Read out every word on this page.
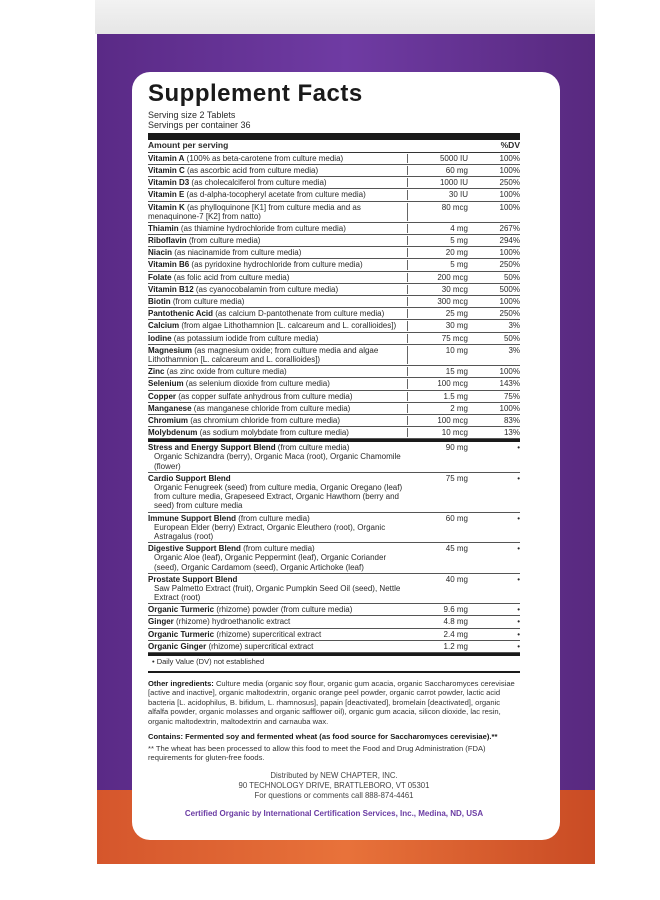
Supplement Facts
Serving size 2 Tablets
Servings per container 36
Amount per serving	%DV
Vitamin A (100% as beta-carotene from culture media)	5000 IU	100%
Vitamin C (as ascorbic acid from culture media)	60 mg	100%
Vitamin D3 (as cholecalciferol from culture media)	1000 IU	250%
Vitamin E (as d-alpha-tocopheryl acetate from culture media)	30 IU	100%
Vitamin K (as phylloquinone [K1] from culture media and as menaquinone-7 [K2] from natto)
80 mcg	100%
Thiamin (as thiamine hydrochloride from culture media)	4 mg	267%
Riboflavin (from culture media)	5 mg	294%
Niacin (as niacinamide from culture media)	20 mg	100%
Vitamin B6 (as pyridoxine hydrochloride from culture media)	5 mg	250%
Folate (as folic acid from culture media)	200 mcg	50%
Vitamin B12 (as cyanocobalamin from culture media)	30 mcg	500%
Biotin (from culture media)	300 mcg	100%
Pantothenic Acid (as calcium D-pantothenate from culture media)	25 mg	250%
Calcium (from algae Lithothamnion [L. calcareum and L. corallioides])	30 mg	3%
Iodine (as potassium iodide from culture media)	75 mcg	50%
Magnesium (as magnesium oxide; from culture media and algae Lithothamnion [L. calcareum and L. corallioides])
10 mg	3%
Zinc (as zinc oxide from culture media)	15 mg	100%
Selenium (as selenium dioxide from culture media)	100 mcg	143%
Copper (as copper sulfate anhydrous from culture media)	1.5 mg	75%
Manganese (as manganese chloride from culture media)	2 mg	100%
Chromium (as chromium chloride from culture media)	100 mcg	83%
Molybdenum (as sodium molybdate from culture media)	10 mcg	13%
Stress and Energy Support Blend (from culture media)
Organic Schizandra (berry), Organic Maca (root), Organic Chamomile (flower)
90 mg	•
Cardio Support Blend
Organic Fenugreek (seed) from culture media, Organic Oregano (leaf) from culture media, Grapeseed Extract, Organic Hawthorn (berry and seed) from culture media
75 mg	•
Immune Support Blend (from culture media)
European Elder (berry) Extract, Organic Eleuthero (root), Organic Astragalus (root)
60 mg	•
Digestive Support Blend (from culture media)
Organic Aloe (leaf), Organic Peppermint (leaf), Organic Coriander (seed), Organic Cardamom (seed), Organic Artichoke (leaf)
45 mg	•
Prostate Support Blend
Saw Palmetto Extract (fruit), Organic Pumpkin Seed Oil (seed), Nettle Extract (root)
40 mg	•
Organic Turmeric (rhizome) powder (from culture media)	9.6 mg	•
Ginger (rhizome) hydroethanolic extract	4.8 mg	•
Organic Turmeric (rhizome) supercritical extract	2.4 mg	•
Organic Ginger (rhizome) supercritical extract	1.2 mg	•
• Daily Value (DV) not established
Other ingredients: Culture media (organic soy flour, organic gum acacia, organic Saccharomyces cerevisiae [active and inactive], organic maltodextrin, organic orange peel powder, organic carrot powder, lactic acid bacteria [L. acidophilus, B. bifidum, L. rhamnosus], papain [deactivated], bromelain [deactivated], organic alfalfa powder, organic molasses and organic safflower oil), organic gum acacia, silicon dioxide, lac resin, organic maltodextrin, maltodextrin and carnauba wax.
Contains: Fermented soy and fermented wheat (as food source for Saccharomyces cerevisiae).**
** The wheat has been processed to allow this food to meet the Food and Drug Administration (FDA) requirements for gluten-free foods.
Distributed by NEW CHAPTER, INC.
90 TECHNOLOGY DRIVE, BRATTLEBORO, VT 05301
For questions or comments call 888-874-4461
Certified Organic by International Certification Services, Inc., Medina, ND, USA
